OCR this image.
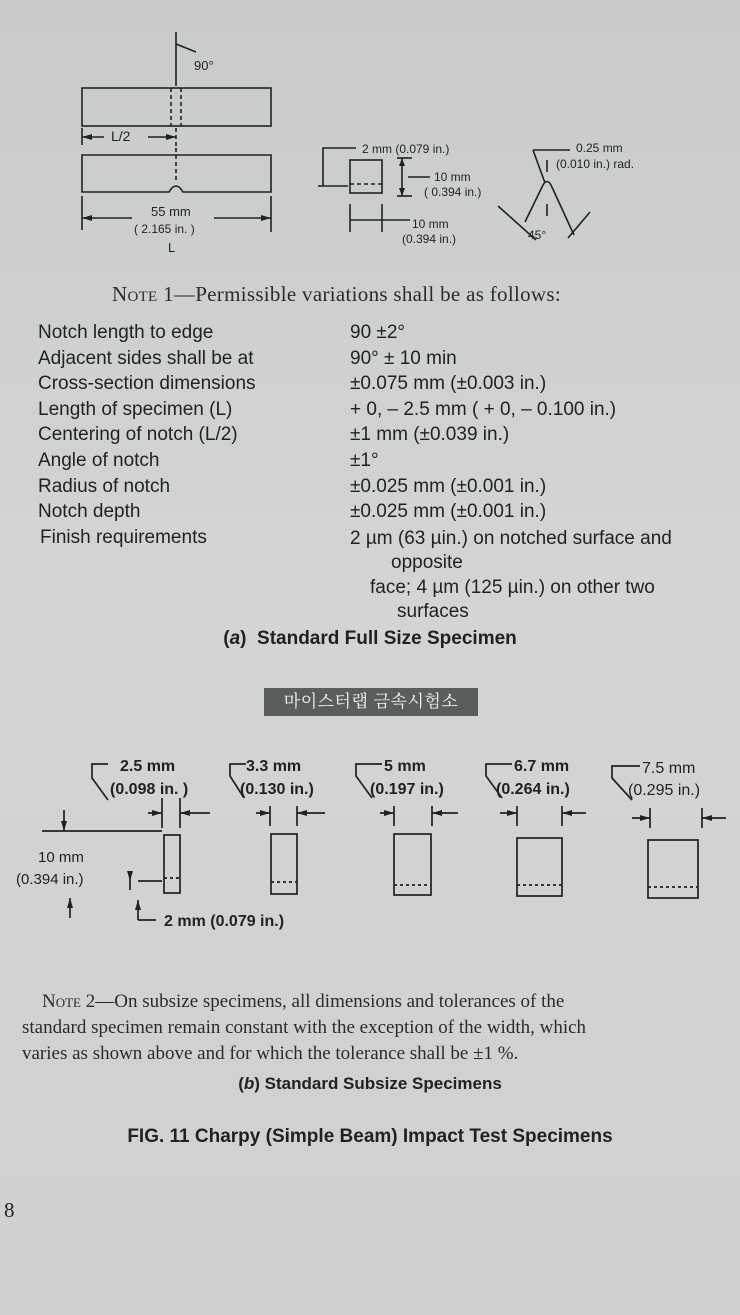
90°
L/2
55 mm
( 2.165 in. )
L
2 mm (0.079 in.)
10 mm
( 0.394 in.)
10 mm
(0.394 in.)
0.25 mm
(0.010 in.) rad.
45°
Note 1—Permissible variations shall be as follows:
Notch length to edge	90 ±2°
Adjacent sides shall be at	90° ± 10 min
Cross-section dimensions	±0.075 mm (±0.003 in.)
Length of specimen (L)	+ 0, – 2.5 mm ( + 0, – 0.100 in.)
Centering of notch (L/2)	±1 mm (±0.039 in.)
Angle of notch	±1°
Radius of notch	±0.025 mm (±0.001 in.)
Notch depth	±0.025 mm (±0.001 in.)
Finish requirements	2 µm (63 µin.) on notched surface and
opposite
face; 4 µm (125 µin.) on other two
surfaces
(a)  Standard Full Size Specimen
마이스터랩 금속시험소
2.5 mm
(0.098 in. )
3.3 mm
(0.130 in.)
5 mm
(0.197 in.)
6.7 mm
(0.264 in.)
7.5 mm
(0.295 in.)
10 mm
(0.394 in.)
2 mm (0.079 in.)
Note 2—On subsize specimens, all dimensions and tolerances of the
standard specimen remain constant with the exception of the width, which
varies as shown above and for which the tolerance shall be ±1 %.
(b) Standard Subsize Specimens
FIG. 11 Charpy (Simple Beam) Impact Test Specimens
8
